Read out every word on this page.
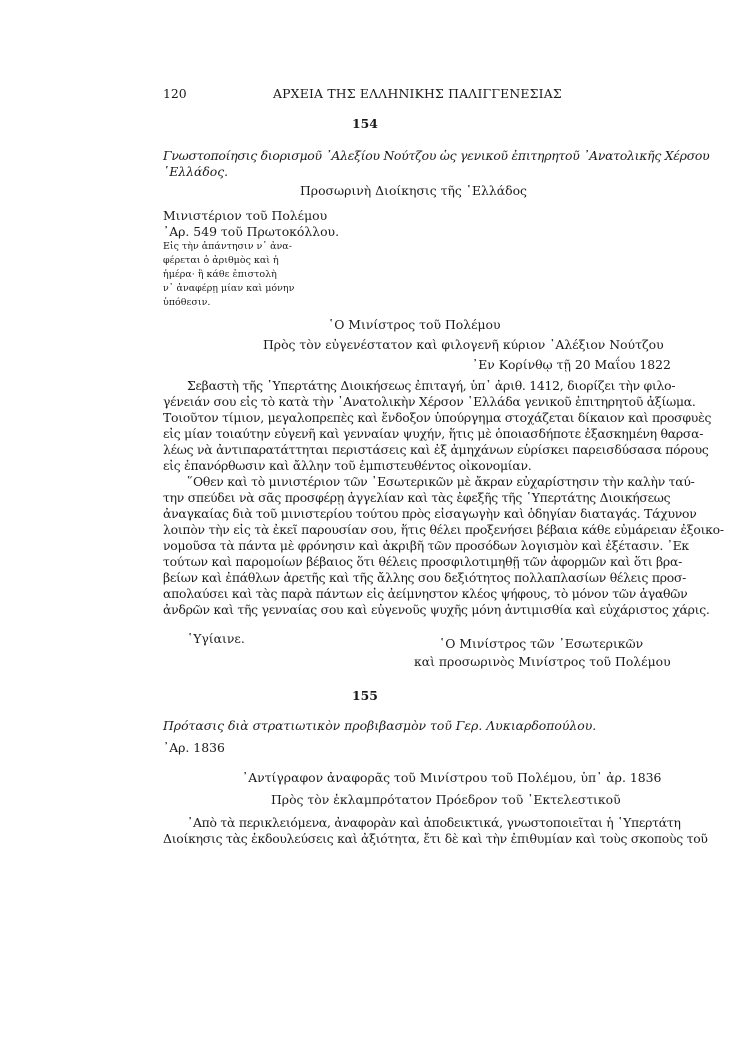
120	ΑΡΧΕΙΑ ΤΗΣ ΕΛΛΗΝΙΚΗΣ ΠΑΛΙΓΓΕΝΕΣΙΑΣ
154
Γνωστοποίησις διορισμοῦ ᾿Αλεξίου Νούτζου ὡς γενικοῦ ἐπιτηρητοῦ ᾿Ανατολικῆς Χέρσου
῾Ελλάδος.
Προσωρινὴ Διοίκησις τῆς ῾Ελλάδος
Μινιστέριον τοῦ Πολέμου
᾿Αρ. 549 τοῦ Πρωτοκόλλου.
Εἰς τὴν ἀπάντησιν ν᾿ ἀνα-
φέρεται ὁ ἀριθμὸς καὶ ἡ
ἡμέρα· ἢ κάθε ἐπιστολὴ
ν᾿ ἀναφέρῃ μίαν καὶ μόνην
ὑπόθεσιν.
῾Ο Μινίστρος τοῦ Πολέμου
Πρὸς τὸν εὐγενέστατον καὶ φιλογενῆ κύριον ᾿Αλέξιον Νούτζου
᾿Εν Κορίνθῳ τῇ 20 Μαΐου 1822
Σεβαστὴ τῆς ῾Υπερτάτης Διοικήσεως ἐπιταγή, ὑπ᾿ ἀριθ. 1412, διορίζει τὴν φιλο-
γένειάν σου εἰς τὸ κατὰ τὴν ᾿Ανατολικὴν Χέρσον ῾Ελλάδα γενικοῦ ἐπιτηρητοῦ ἀξίωμα.
Τοιοῦτον τίμιον, μεγαλοπρεπὲς καὶ ἔνδοξον ὑπούργημα στοχάζεται δίκαιον καὶ προσφυὲς
εἰς μίαν τοιαύτην εὐγενῆ καὶ γενναίαν ψυχήν, ἥτις μὲ ὁποιασδήποτε ἐξασκημένη θαρσα-
λέως νὰ ἀντιπαρατάττηται περιστάσεις καὶ ἐξ ἀμηχάνων εὑρίσκει παρεισδύσασα πόρους
εἰς ἐπανόρθωσιν καὶ ἄλλην τοῦ ἐμπιστευθέντος οἰκονομίαν.
῞Οθεν καὶ τὸ μινιστέριον τῶν ᾿Εσωτερικῶν μὲ ἄκραν εὐχαρίστησιν τὴν καλὴν ταύ-
την σπεύδει νὰ σᾶς προσφέρῃ ἀγγελίαν καὶ τὰς ἐφεξῆς τῆς ῾Υπερτάτης Διοικήσεως
ἀναγκαίας διὰ τοῦ μινιστερίου τούτου πρὸς εἰσαγωγὴν καὶ ὁδηγίαν διαταγάς. Τάχυνον
λοιπὸν τὴν εἰς τὰ ἐκεῖ παρουσίαν σου, ἥτις θέλει προξενήσει βέβαια κάθε εὐμάρειαν ἐξοικο-
νομοῦσα τὰ πάντα μὲ φρόνησιν καὶ ἀκριβῆ τῶν προσόδων λογισμὸν καὶ ἐξέτασιν. ᾿Εκ
τούτων καὶ παρομοίων βέβαιος ὅτι θέλεις προσφιλοτιμηθῇ τῶν ἀφορμῶν καὶ ὅτι βρα-
βείων καὶ ἐπάθλων ἀρετῆς καὶ τῆς ἄλλης σου δεξιότητος πολλαπλασίων θέλεις προσ-
απολαύσει καὶ τὰς παρὰ πάντων εἰς ἀείμνηστον κλέος ψήφους, τὸ μόνον τῶν ἀγαθῶν
ἀνδρῶν καὶ τῆς γενναίας σου καὶ εὐγενοῦς ψυχῆς μόνη ἀντιμισθία καὶ εὐχάριστος χάρις.
῾Υγίαινε.	῾Ο Μινίστρος τῶν ᾿Εσωτερικῶν
καὶ προσωρινὸς Μινίστρος τοῦ Πολέμου
155
Πρότασις διὰ στρατιωτικὸν προβιβασμὸν τοῦ Γερ. Λυκιαρδοπούλου.
᾿Αρ. 1836
᾿Αντίγραφον ἀναφορᾶς τοῦ Μινίστρου τοῦ Πολέμου, ὑπ᾿ ἀρ. 1836
Πρὸς τὸν ἐκλαμπρότατον Πρόεδρον τοῦ ᾿Εκτελεστικοῦ
᾿Απὸ τὰ περικλειόμενα, ἀναφορὰν καὶ ἀποδεικτικά, γνωστοποιεῖται ἡ ῾Υπερτάτη
Διοίκησις τὰς ἐκδουλεύσεις καὶ ἀξιότητα, ἔτι δὲ καὶ τὴν ἐπιθυμίαν καὶ τοὺς σκοποὺς τοῦ
